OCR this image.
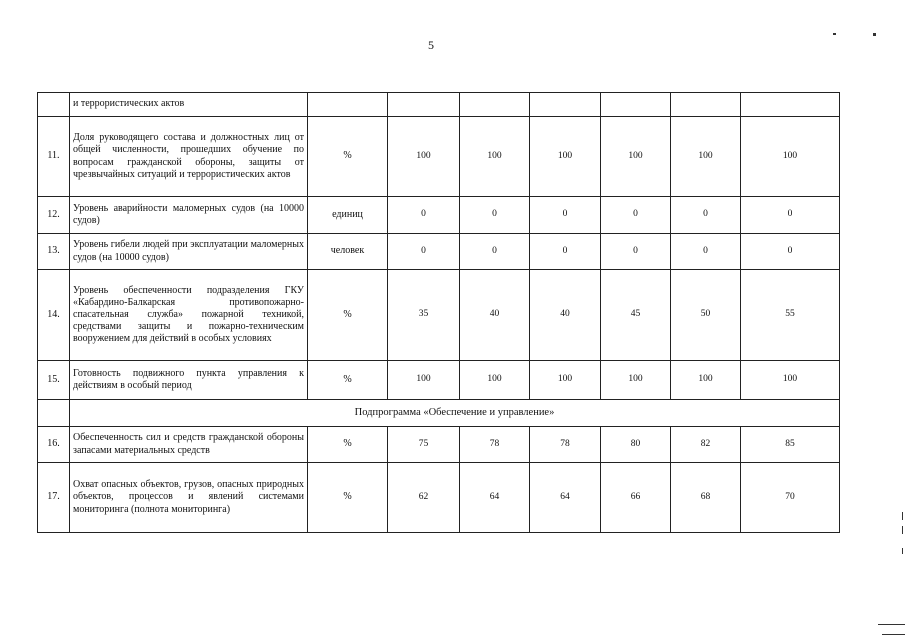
5
	и террористических актов							
11.	Доля руководящего состава и должностных лиц от общей численности, прошедших обучение по вопросам гражданской обороны, защиты от чрезвычайных ситуаций и террористических актов	%	100	100	100	100	100	100
12.	Уровень аварийности маломерных судов (на 10000 судов)	единиц	0	0	0	0	0	0
13.	Уровень гибели людей при эксплуатации маломерных судов (на 10000 судов)	человек	0	0	0	0	0	0
14.	Уровень обеспеченности подразделения ГКУ «Кабардино-Балкарская противопожарно-спасательная служба» пожарной техникой, средствами защиты и пожарно-техническим вооружением для действий в особых условиях	%	35	40	40	45	50	55
15.	Готовность подвижного пункта управления к действиям в особый период	%	100	100	100	100	100	100
	Подпрограмма «Обеспечение и управление»							
16.	Обеспеченность сил и средств гражданской обороны запасами материальных средств	%	75	78	78	80	82	85
17.	Охват опасных объектов, грузов, опасных природных объектов, процессов и явлений системами мониторинга (полнота мониторинга)	%	62	64	64	66	68	70
